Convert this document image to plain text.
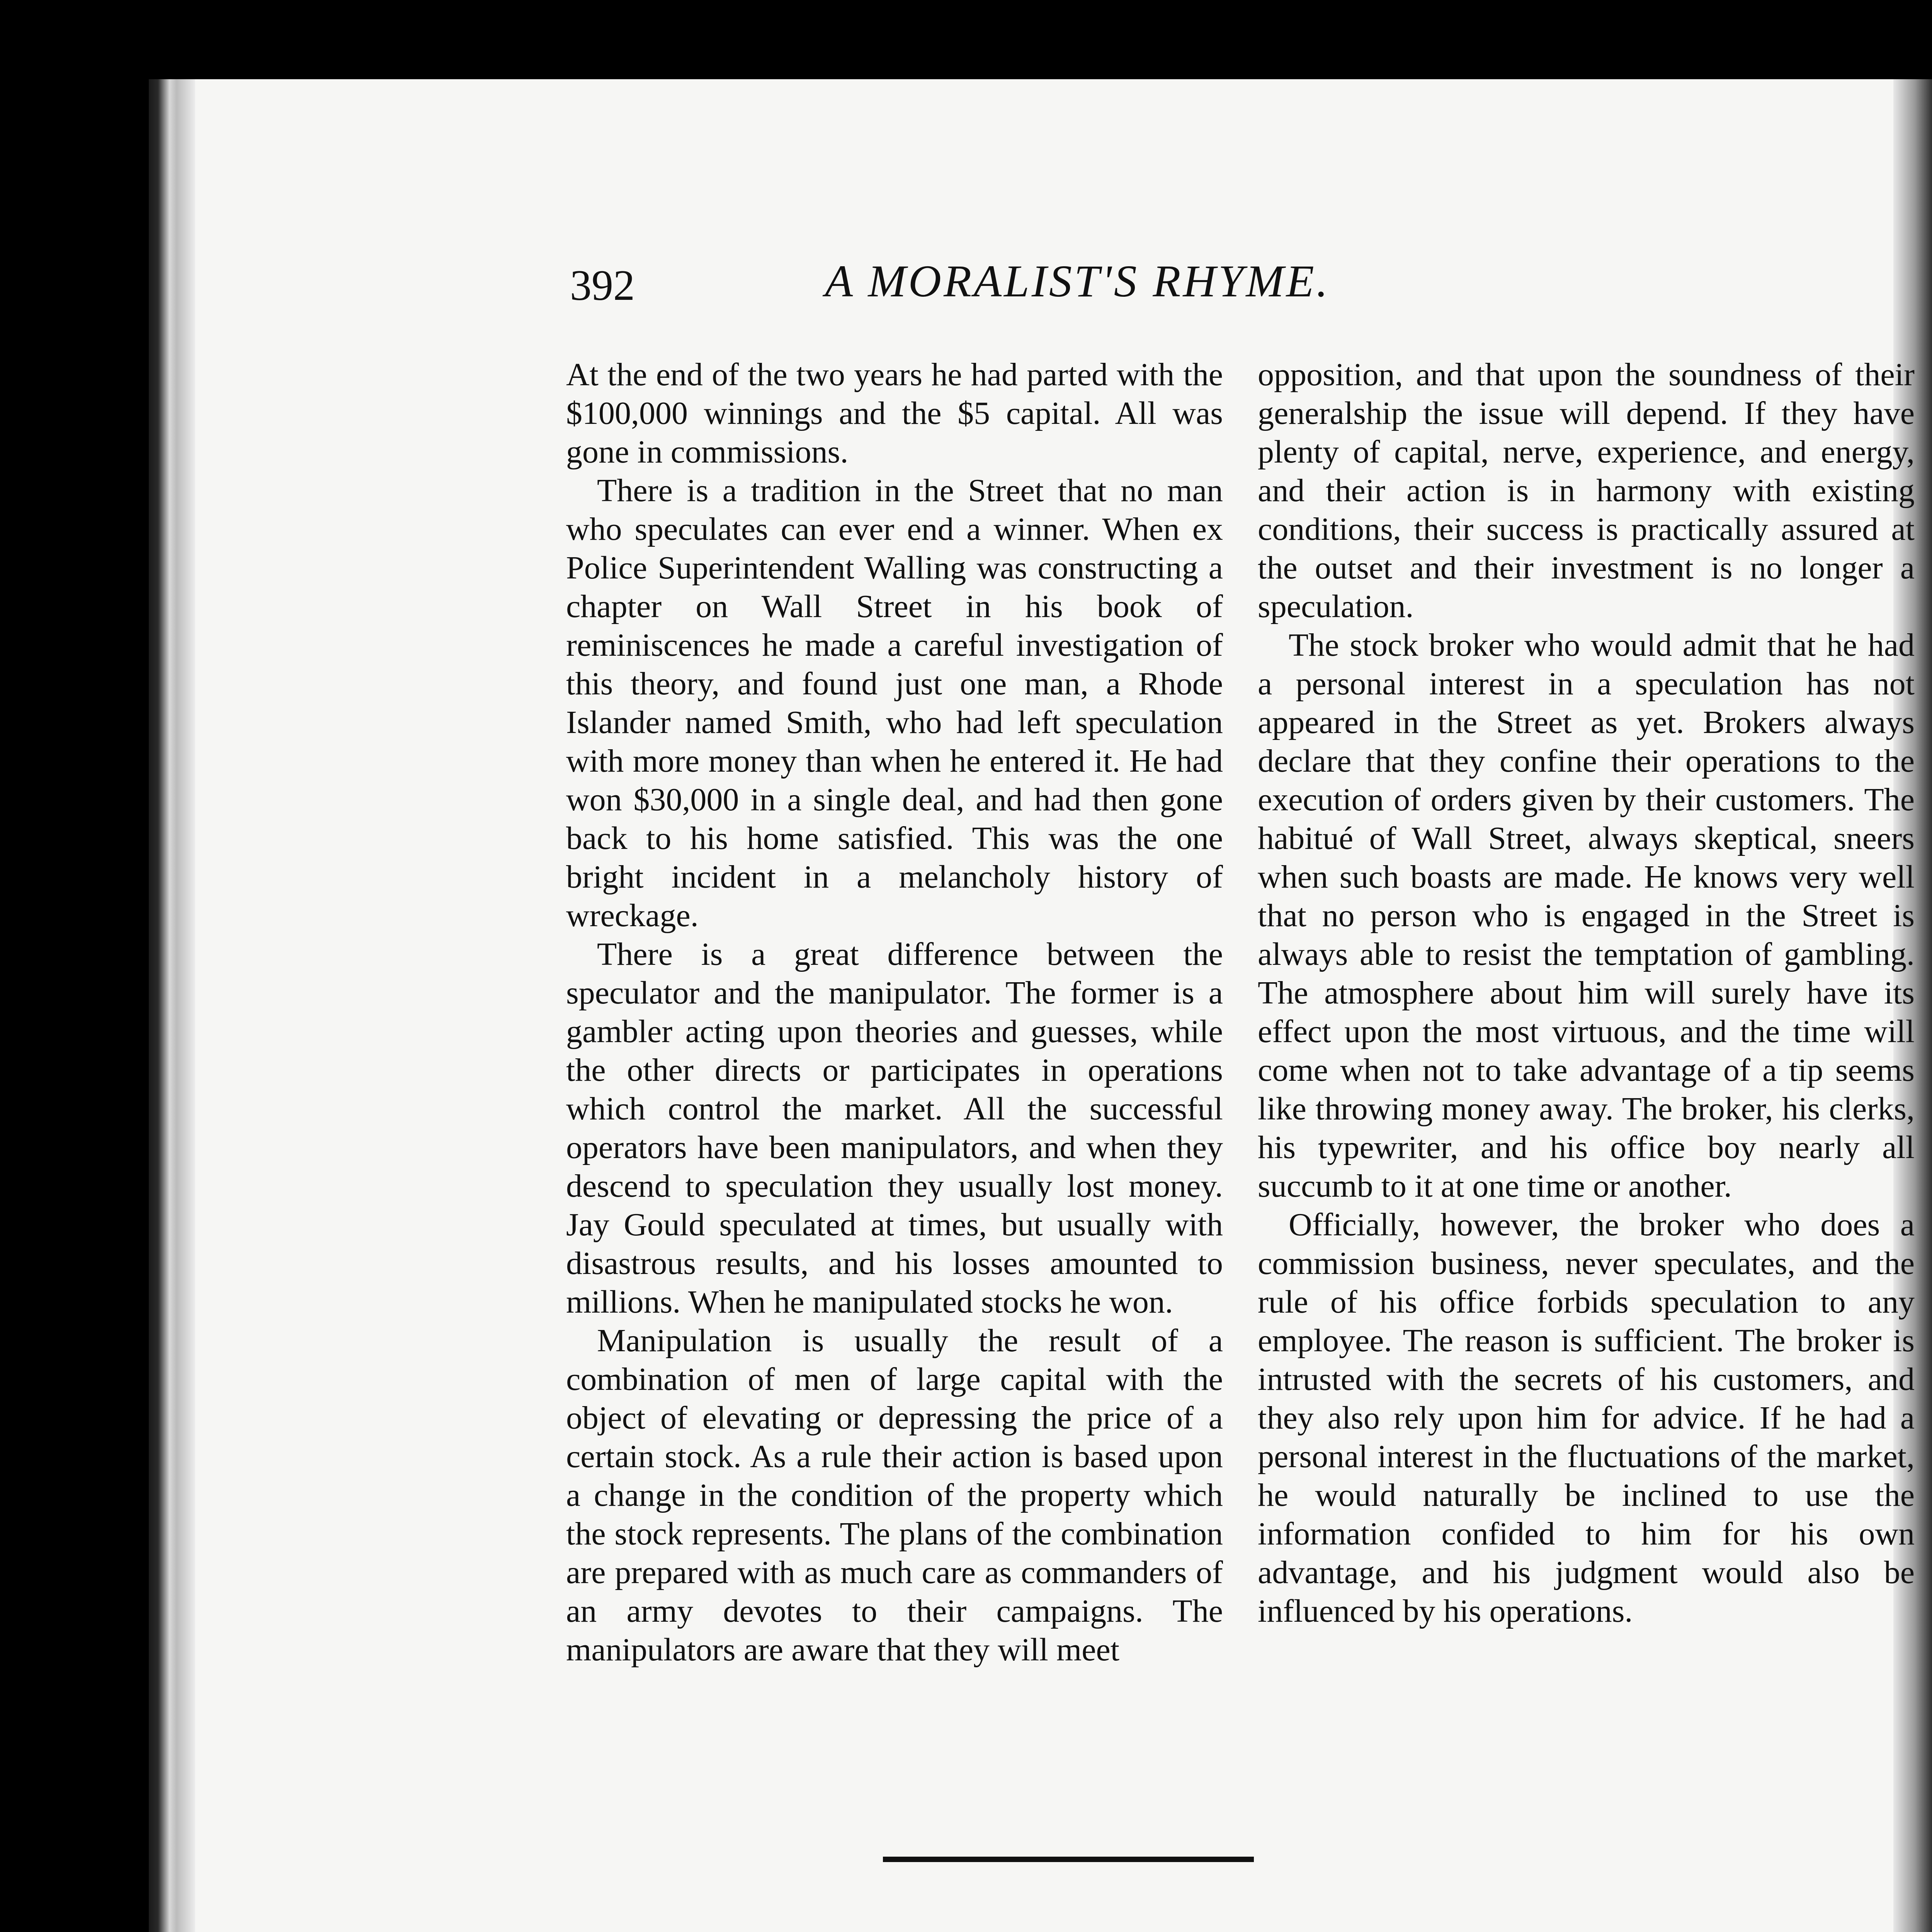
392	A MORALIST'S RHYME.

At the end of the two years he had parted with the $100,000 winnings and the $5 capital. All was gone in commissions.

There is a tradition in the Street that no man who speculates can ever end a winner. When ex Police Superintendent Walling was constructing a chapter on Wall Street in his book of reminiscences he made a careful investigation of this theory, and found just one man, a Rhode Islander named Smith, who had left speculation with more money than when he entered it. He had won $30,000 in a single deal, and had then gone back to his home satisfied. This was the one bright incident in a melancholy history of wreckage.

There is a great difference between the speculator and the manipulator. The former is a gambler acting upon theories and guesses, while the other directs or participates in operations which control the market. All the successful operators have been manipulators, and when they descend to speculation they usually lost money. Jay Gould speculated at times, but usually with disastrous results, and his losses amounted to millions. When he manipulated stocks he won.

Manipulation is usually the result of a combination of men of large capital with the object of elevating or depressing the price of a certain stock. As a rule their action is based upon a change in the condition of the property which the stock represents. The plans of the combination are prepared with as much care as commanders of an army devotes to their campaigns. The manipulators are aware that they will meet

opposition, and that upon the soundness of their generalship the issue will depend. If they have plenty of capital, nerve, experience, and energy, and their action is in harmony with existing conditions, their success is practically assured at the outset and their investment is no longer a speculation.

The stock broker who would admit that he had a personal interest in a speculation has not appeared in the Street as yet. Brokers always declare that they confine their operations to the execution of orders given by their customers. The habitué of Wall Street, always skeptical, sneers when such boasts are made. He knows very well that no person who is engaged in the Street is always able to resist the temptation of gambling. The atmosphere about him will surely have its effect upon the most virtuous, and the time will come when not to take advantage of a tip seems like throwing money away. The broker, his clerks, his typewriter, and his office boy nearly all succumb to it at one time or another.

Officially, however, the broker who does a commission business, never speculates, and the rule of his office forbids speculation to any employee. The reason is sufficient. The broker is intrusted with the secrets of his customers, and they also rely upon him for advice. If he had a personal interest in the fluctuations of the market, he would naturally be inclined to use the information confided to him for his own advantage, and his judgment would also be influenced by his operations.
